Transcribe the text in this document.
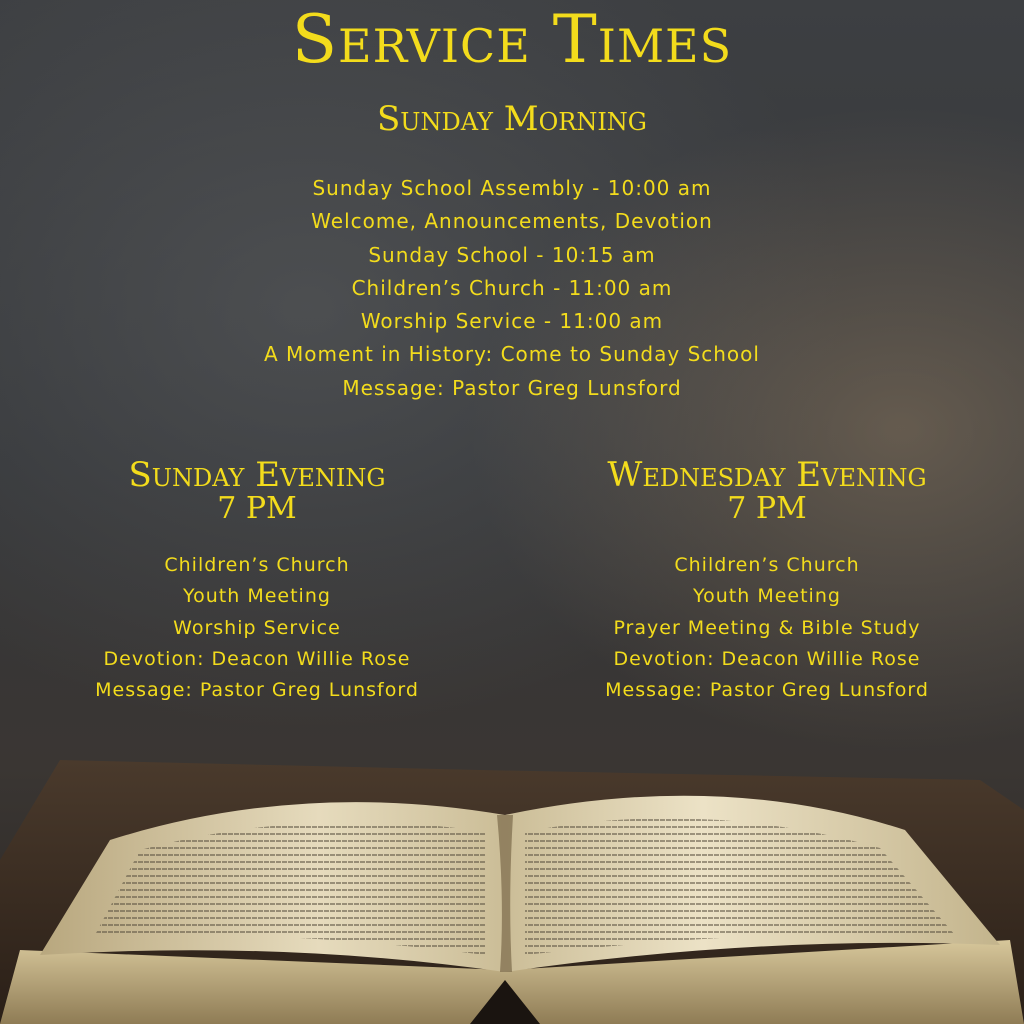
Service Times
Sunday Morning
Sunday School Assembly - 10:00 am
Welcome, Announcements, Devotion
Sunday School - 10:15 am
Children’s Church - 11:00 am
Worship Service - 11:00 am
A Moment in History: Come to Sunday School
Message: Pastor Greg Lunsford
Sunday Evening
7 PM
Children’s Church
Youth Meeting
Worship Service
Devotion: Deacon Willie Rose
Message: Pastor Greg Lunsford
Wednesday Evening
7 PM
Children’s Church
Youth Meeting
Prayer Meeting & Bible Study
Devotion: Deacon Willie Rose
Message: Pastor Greg Lunsford
